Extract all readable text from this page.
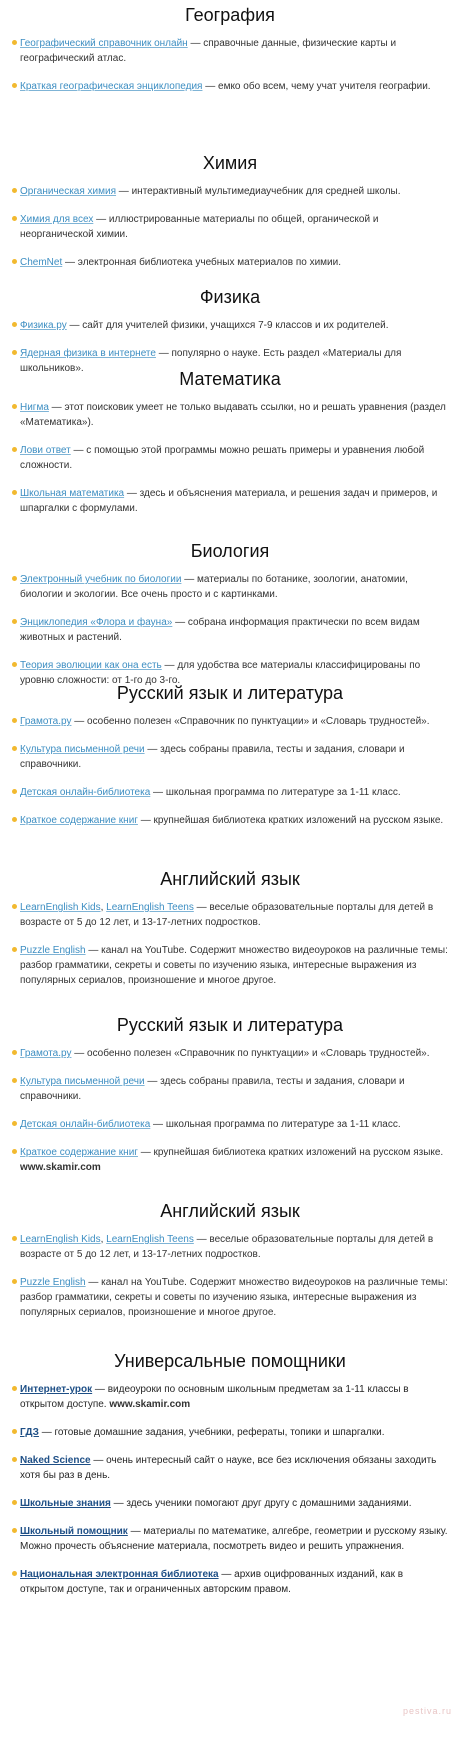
География
Географический справочник онлайн — справочные данные, физические карты и географический атлас.
Краткая географическая энциклопедия — емко обо всем, чему учат учителя географии.
Химия
Органическая химия — интерактивный мультимедиаучебник для средней школы.
Химия для всех — иллюстрированные материалы по общей, органической и неорганической химии.
ChemNet — электронная библиотека учебных материалов по химии.
Физика
Физика.ру — сайт для учителей физики, учащихся 7-9 классов и их родителей.
Ядерная физика в интернете — популярно о науке. Есть раздел «Материалы для школьников».
Математика
Нигма — этот поисковик умеет не только выдавать ссылки, но и решать уравнения (раздел «Математика»).
Лови ответ — с помощью этой программы можно решать примеры и уравнения любой сложности.
Школьная математика — здесь и объяснения материала, и решения задач и примеров, и шпаргалки с формулами.
Биология
Электронный учебник по биологии — материалы по ботанике, зоологии, анатомии, биологии и экологии. Все очень просто и с картинками.
Энциклопедия «Флора и фауна» — собрана информация практически по всем видам животных и растений.
Теория эволюции как она есть — для удобства все материалы классифицированы по уровню сложности: от 1-го до 3-го.
Русский язык и литература
Грамота.ру — особенно полезен «Справочник по пунктуации» и «Словарь трудностей».
Культура письменной речи — здесь собраны правила, тесты и задания, словари и справочники.
Детская онлайн-библиотека — школьная программа по литературе за 1-11 класс.
Краткое содержание книг — крупнейшая библиотека кратких изложений на русском языке.
Английский язык
LearnEnglish Kids, LearnEnglish Teens — веселые образовательные порталы для детей в возрасте от 5 до 12 лет, и 13-17-летних подростков.
Puzzle English — канал на YouTube. Содержит множество видеоуроков на различные темы: разбор грамматики, секреты и советы по изучению языка, интересные выражения из популярных сериалов, произношение и многое другое.
Русский язык и литература
Грамота.ру — особенно полезен «Справочник по пунктуации» и «Словарь трудностей».
Культура письменной речи — здесь собраны правила, тесты и задания, словари и справочники.
Детская онлайн-библиотека — школьная программа по литературе за 1-11 класс.
Краткое содержание книг — крупнейшая библиотека кратких изложений на русском языке. www.skamir.com
Английский язык
LearnEnglish Kids, LearnEnglish Teens — веселые образовательные порталы для детей в возрасте от 5 до 12 лет, и 13-17-летних подростков.
Puzzle English — канал на YouTube. Содержит множество видеоуроков на различные темы: разбор грамматики, секреты и советы по изучению языка, интересные выражения из популярных сериалов, произношение и многое другое.
Универсальные помощники
Интернет-урок — видеоуроки по основным школьным предметам за 1-11 классы в открытом доступе. www.skamir.com
ГДЗ — готовые домашние задания, учебники, рефераты, топики и шпаргалки.
Naked Science — очень интересный сайт о науке, все без исключения обязаны заходить хотя бы раз в день.
Школьные знания — здесь ученики помогают друг другу с домашними заданиями.
Школьный помощник — материалы по математике, алгебре, геометрии и русскому языку. Можно прочесть объяснение материала, посмотреть видео и решить упражнения.
Национальная электронная библиотека — архив оцифрованных изданий, как в открытом доступе, так и ограниченных авторским правом.
pestiva.ru
